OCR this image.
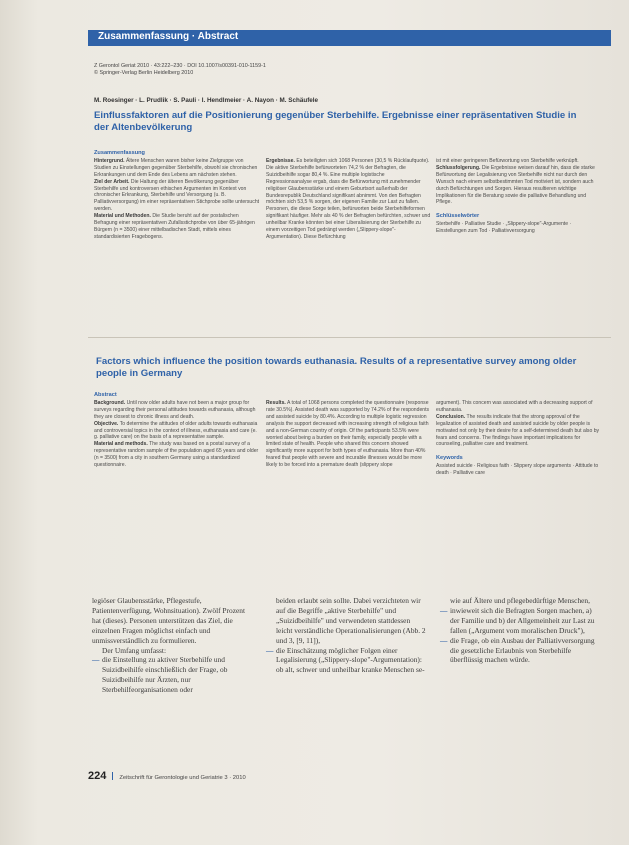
Zusammenfassung · Abstract
Z Gerontol Geriat 2010 · 43:222–230 · DOI 10.1007/s00391-010-1159-1
© Springer-Verlag Berlin Heidelberg 2010
M. Roesinger · L. Prudlik · S. Pauli · I. Hendlmeier · A. Nayon · M. Schäufele
Einflussfaktoren auf die Positionierung gegenüber Sterbehilfe. Ergebnisse einer repräsentativen Studie in der Altenbevölkerung
Zusammenfassung

Hintergrund. Ältere Menschen waren bisher keine Zielgruppe von Studien zu Einstellungen gegenüber Sterbehilfe, obwohl sie chronischen Erkrankungen und dem Ende des Lebens am nächsten stehen.

Ziel der Arbeit. Die Haltung der älteren Bevölkerung gegenüber Sterbehilfe und kontroversen ethischen Argumenten im Kontext von chronischer Erkrankung, Sterbehilfe und Versorgung (u. B. Palliativversorgung) im einer repräsentativen Stichprobe sollte untersucht werden.

Material und Methoden. Die Studie beruht auf der postalischen Befragung einer repräsentativen Zufallsstichprobe von über 65-jährigen Bürgern (n = 3500) einer mittelbadischen Stadt, mittels eines standardisierten Fragebogens.

Ergebnisse. Es beteiligten sich 1068 Personen (30,5 % Rücklaufquote). Die aktive Sterbehilfe befürworteten 74,2 % der Befragten, die Suizidbeihilfe sogar 80,4 %. Eine multiple logistische Regressionsanalyse ergab, dass die Befürwortung mit zunehmender religiöser Glaubensstärke und einem Geburtsort außerhalb der Bundesrepublik Deutschland signifikant abnimmt. Von den Befragten möchten sich 53,5 % sorgen, der eigenen Familie zur Last zu fallen. Personen, die diese Sorge teilen, befürworten beide Sterbehilfeformen signifikant häufiger. Mehr als 40 % der Befragten befürchten, schwer und unheilbar Kranke könnten bei einer Liberalisierung der Sterbehilfe zu einem vorzeitigen Tod gedrängt werden („Slippery-slope"-Argumentation). Diese Befürchtung

ist mit einer geringeren Befürwortung von Sterbehilfe verknüpft.

Schlussfolgerung. Die Ergebnisse weisen darauf hin, dass die starke Befürwortung der Legalisierung von Sterbehilfe nicht nur durch den Wunsch nach einem selbstbestimmten Tod motiviert ist, sondern auch durch Befürchtungen und Sorgen. Hieraus resultieren wichtige Implikationen für die Beratung sowie die palliative Behandlung und Pflege.

Schlüsselwörter

Sterbehilfe · Palliative Studie · „Slippery-slope"-Argumente · Einstellungen zum Tod · Palliativversorgung

Factors which influence the position towards euthanasia. Results of a representative survey among older people in Germany
Abstract

Background. Until now older adults have not been a major group for surveys regarding their personal attitudes towards euthanasia, although they are closest to chronic illness and death.

Objective. To determine the attitudes of older adults towards euthanasia and controversial topics in the context of illness, euthanasia and care (e. g. palliative care) on the basis of a representative sample.

Material and methods. The study was based on a postal survey of a representative random sample of the population aged 65 years and older (n = 3500) from a city in southern Germany using a standardized questionnaire.

Results. A total of 1068 persons completed the questionnaire (response rate 30.5%). Assisted death was supported by 74.2% of the respondents and assisted suicide by 80.4%. According to multiple logistic regression analysis the support decreased with increasing strength of religious faith and a non-German country of origin. Of the participants 53.5% were worried about being a burden on their family, especially people with a limited state of health. People who shared this concern showed significantly more support for both types of euthanasia. More than 40% feared that people with severe and incurable illnesses would be more likely to be forced into a premature death (slippery slope

argument). This concern was associated with a decreasing support of euthanasia.

Conclusion. The results indicate that the strong approval of the legalization of assisted death and assisted suicide by older people is motivated not only by their desire for a self-determined death but also by fears and concerns. The findings have important implications for counseling, palliative care and treatment.

Keywords

Assisted suicide · Religious faith · Slippery slope arguments · Attitude to death · Palliative care

legiöser Glaubensstärke, Pflegestufe, Patientenverfügung, Wohnsituation). Zwölf Prozent hat (dieses). Personen unterstützen das Ziel, die einzelnen Fragen möglichst einfach und unmissverständlich zu formulieren.

Der Umfang umfasst:

— die Einstellung zu aktiver Sterbehilfe und Suizidbeihilfe einschließlich der Frage, ob Suizidbeihilfe nur Ärzten, nur Sterbehilfeorganisationen oder

beiden erlaubt sein sollte. Dabei verzichteten wir auf die Begriffe „aktive Sterbehilfe" und „Suizidbeihilfe" und verwendeten stattdessen leicht verständliche Operationalisierungen (Abb. 2 und 3, [9, 11]),

— die Einschätzung möglicher Folgen einer Legalisierung („Slippery-slope"-Argumentation): ob alt, schwer und unheilbar kranke Menschen se-

wie auf Ältere und pflegebedürftige Menschen,

— inwieweit sich die Befragten Sorgen machen, a) der Familie und b) der Allgemeinheit zur Last zu fallen („Argument vom moralischen Druck"),
— die Frage, ob ein Ausbau der Palliativversorgung die gesetzliche Erlaubnis von Sterbehilfe überflüssig machen würde.
224 Zeitschrift für Gerontologie und Geriatrie 3 · 2010
